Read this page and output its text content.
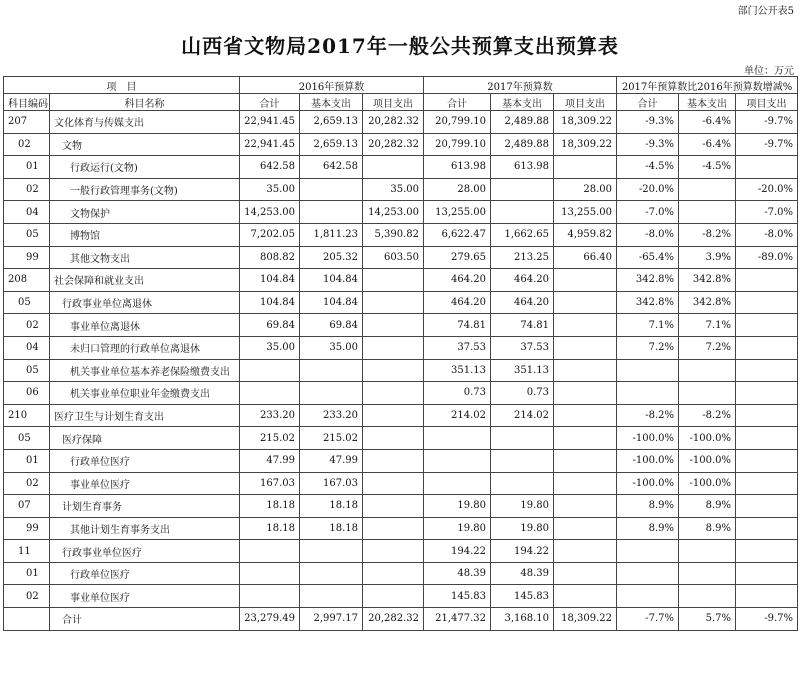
部门公开表5
山西省文物局2017年一般公共预算支出预算表
单位：万元
项　目		2016年预算数			2017年预算数			2017年预算数比2016年预算数增减%		
科目编码	科目名称	合计	基本支出	项目支出	合计	基本支出	项目支出	合计	基本支出	项目支出
207	文化体育与传媒支出	22,941.45	2,659.13	20,282.32	20,799.10	2,489.88	18,309.22	-9.3%	-6.4%	-9.7%
02	文物	22,941.45	2,659.13	20,282.32	20,799.10	2,489.88	18,309.22	-9.3%	-6.4%	-9.7%
01	行政运行(文物)	642.58	642.58		613.98	613.98		-4.5%	-4.5%	
02	一般行政管理事务(文物)	35.00		35.00	28.00		28.00	-20.0%		-20.0%
04	文物保护	14,253.00		14,253.00	13,255.00		13,255.00	-7.0%		-7.0%
05	博物馆	7,202.05	1,811.23	5,390.82	6,622.47	1,662.65	4,959.82	-8.0%	-8.2%	-8.0%
99	其他文物支出	808.82	205.32	603.50	279.65	213.25	66.40	-65.4%	3.9%	-89.0%
208	社会保障和就业支出	104.84	104.84		464.20	464.20		342.8%	342.8%	
05	行政事业单位离退休	104.84	104.84		464.20	464.20		342.8%	342.8%	
02	事业单位离退休	69.84	69.84		74.81	74.81		7.1%	7.1%	
04	未归口管理的行政单位离退休	35.00	35.00		37.53	37.53		7.2%	7.2%	
05	机关事业单位基本养老保险缴费支出				351.13	351.13				
06	机关事业单位职业年金缴费支出				0.73	0.73				
210	医疗卫生与计划生育支出	233.20	233.20		214.02	214.02		-8.2%	-8.2%	
05	医疗保障	215.02	215.02					-100.0%	-100.0%	
01	行政单位医疗	47.99	47.99					-100.0%	-100.0%	
02	事业单位医疗	167.03	167.03					-100.0%	-100.0%	
07	计划生育事务	18.18	18.18		19.80	19.80		8.9%	8.9%	
99	其他计划生育事务支出	18.18	18.18		19.80	19.80		8.9%	8.9%	
11	行政事业单位医疗				194.22	194.22				
01	行政单位医疗				48.39	48.39				
02	事业单位医疗				145.83	145.83				
	合计	23,279.49	2,997.17	20,282.32	21,477.32	3,168.10	18,309.22	-7.7%	5.7%	-9.7%
